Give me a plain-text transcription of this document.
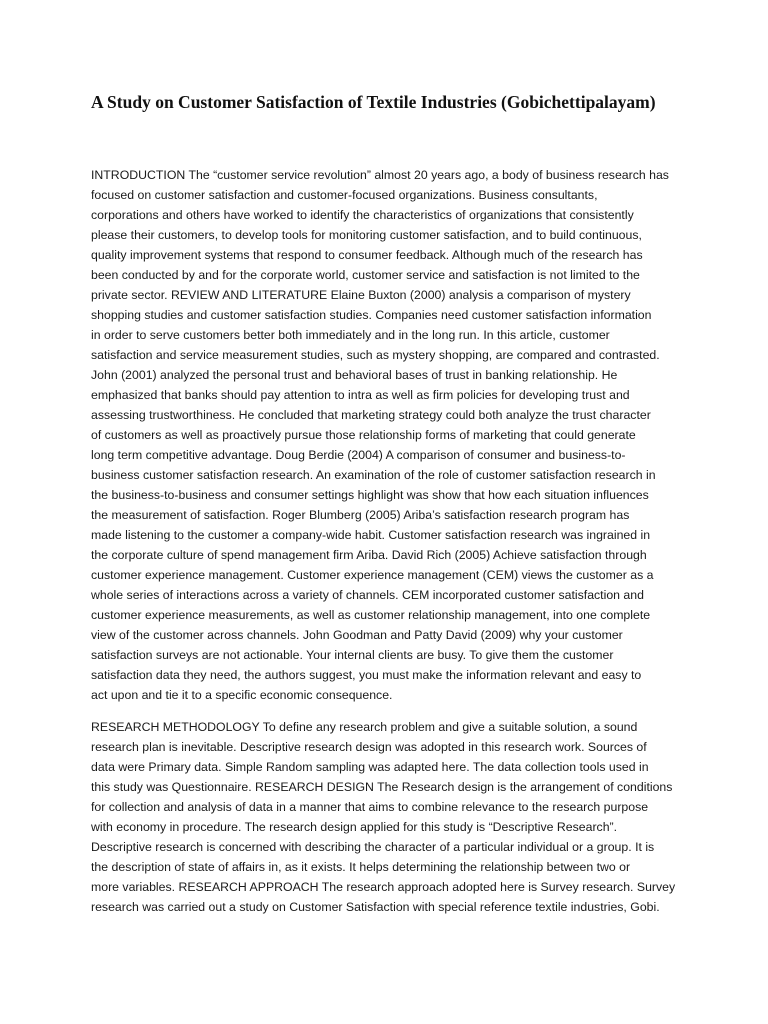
A Study on Customer Satisfaction of Textile Industries (Gobichettipalayam)
INTRODUCTION The “customer service revolution” almost 20 years ago, a body of business research has
focused on customer satisfaction and customer-focused organizations. Business consultants,
corporations and others have worked to identify the characteristics of organizations that consistently
please their customers, to develop tools for monitoring customer satisfaction, and to build continuous,
quality improvement systems that respond to consumer feedback. Although much of the research has
been conducted by and for the corporate world, customer service and satisfaction is not limited to the
private sector. REVIEW AND LITERATURE Elaine Buxton (2000) analysis a comparison of mystery
shopping studies and customer satisfaction studies. Companies need customer satisfaction information
in order to serve customers better both immediately and in the long run. In this article, customer
satisfaction and service measurement studies, such as mystery shopping, are compared and contrasted.
John (2001) analyzed the personal trust and behavioral bases of trust in banking relationship. He
emphasized that banks should pay attention to intra as well as firm policies for developing trust and
assessing trustworthiness. He concluded that marketing strategy could both analyze the trust character
of customers as well as proactively pursue those relationship forms of marketing that could generate
long term competitive advantage. Doug Berdie (2004) A comparison of consumer and business-to-
business customer satisfaction research. An examination of the role of customer satisfaction research in
the business-to-business and consumer settings highlight was show that how each situation influences
the measurement of satisfaction. Roger Blumberg (2005) Ariba’s satisfaction research program has
made listening to the customer a company-wide habit. Customer satisfaction research was ingrained in
the corporate culture of spend management firm Ariba. David Rich (2005) Achieve satisfaction through
customer experience management. Customer experience management (CEM) views the customer as a
whole series of interactions across a variety of channels. CEM incorporated customer satisfaction and
customer experience measurements, as well as customer relationship management, into one complete
view of the customer across channels. John Goodman and Patty David (2009) why your customer
satisfaction surveys are not actionable. Your internal clients are busy. To give them the customer
satisfaction data they need, the authors suggest, you must make the information relevant and easy to
act upon and tie it to a specific economic consequence.
RESEARCH METHODOLOGY To define any research problem and give a suitable solution, a sound
research plan is inevitable. Descriptive research design was adopted in this research work. Sources of
data were Primary data. Simple Random sampling was adapted here. The data collection tools used in
this study was Questionnaire. RESEARCH DESIGN The Research design is the arrangement of conditions
for collection and analysis of data in a manner that aims to combine relevance to the research purpose
with economy in procedure. The research design applied for this study is “Descriptive Research”.
Descriptive research is concerned with describing the character of a particular individual or a group. It is
the description of state of affairs in, as it exists. It helps determining the relationship between two or
more variables. RESEARCH APPROACH The research approach adopted here is Survey research. Survey
research was carried out a study on Customer Satisfaction with special reference textile industries, Gobi.
